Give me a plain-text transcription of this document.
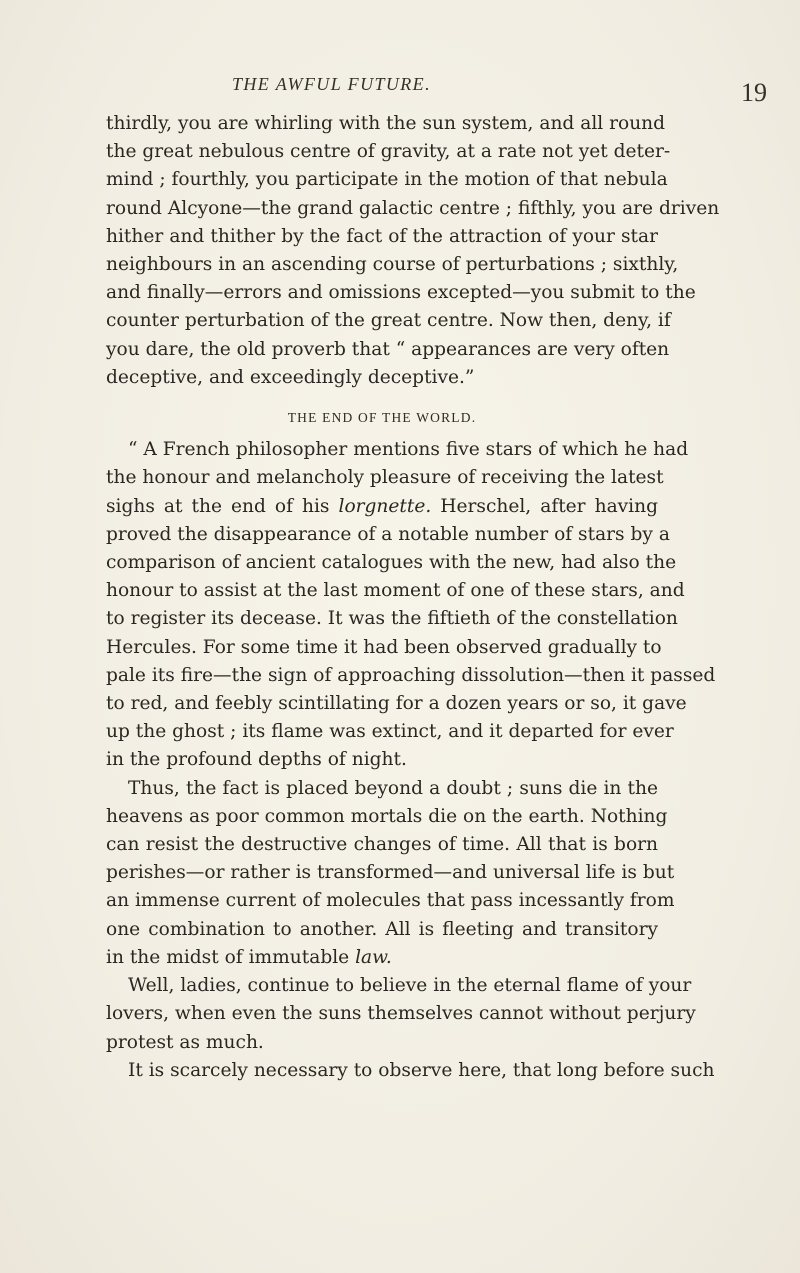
THE AWFUL FUTURE.	19
thirdly, you are whirling with the sun system, and all round
the great nebulous centre of gravity, at a rate not yet deter-
mind ; fourthly, you participate in the motion of that nebula
round Alcyone—the grand galactic centre ; fifthly, you are driven
hither and thither by the fact of the attraction of your star
neighbours in an ascending course of perturbations ; sixthly,
and finally—errors and omissions excepted—you submit to the
counter perturbation of the great centre. Now then, deny, if
you dare, the old proverb that “ appearances are very often
deceptive, and exceedingly deceptive.”
THE END OF THE WORLD.
“ A French philosopher mentions five stars of which he had
the honour and melancholy pleasure of receiving the latest
sighs at the end of his lorgnette. Herschel, after having
proved the disappearance of a notable number of stars by a
comparison of ancient catalogues with the new, had also the
honour to assist at the last moment of one of these stars, and
to register its decease. It was the fiftieth of the constellation
Hercules. For some time it had been observed gradually to
pale its fire—the sign of approaching dissolution—then it passed
to red, and feebly scintillating for a dozen years or so, it gave
up the ghost ; its flame was extinct, and it departed for ever
in the profound depths of night.
Thus, the fact is placed beyond a doubt ; suns die in the
heavens as poor common mortals die on the earth. Nothing
can resist the destructive changes of time. All that is born
perishes—or rather is transformed—and universal life is but
an immense current of molecules that pass incessantly from
one combination to another. All is fleeting and transitory
in the midst of immutable law.
Well, ladies, continue to believe in the eternal flame of your
lovers, when even the suns themselves cannot without perjury
protest as much.
It is scarcely necessary to observe here, that long before such
